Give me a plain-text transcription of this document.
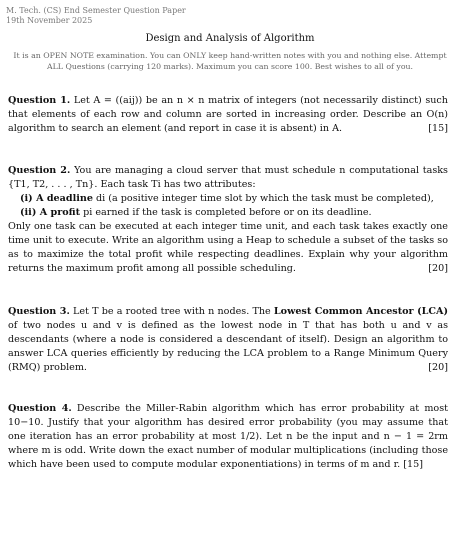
M. Tech. (CS) End Semester Question Paper
19th November 2025
Design and Analysis of Algorithm
It is an OPEN NOTE examination. You can ONLY keep hand-written notes with you and nothing else. Attempt ALL Questions (carrying 120 marks). Maximum you can score 100. Best wishes to all of you.
Question 1. Let A = ((aij)) be an n × n matrix of integers (not necessarily distinct) such that elements of each row and column are sorted in increasing order. Describe an O(n) algorithm to search an element (and report in case it is absent) in A.	[15]
Question 2. You are managing a cloud server that must schedule n computational tasks {T1, T2, . . . , Tn}. Each task Ti has two attributes:
(i) A deadline di (a positive integer time slot by which the task must be completed),
(ii) A profit pi earned if the task is completed before or on its deadline.
Only one task can be executed at each integer time unit, and each task takes exactly one time unit to execute. Write an algorithm using a Heap to schedule a subset of the tasks so as to maximize the total profit while respecting deadlines. Explain why your algorithm returns the maximum profit among all possible scheduling.	[20]
Question 3. Let T be a rooted tree with n nodes. The Lowest Common Ancestor (LCA) of two nodes u and v is defined as the lowest node in T that has both u and v as descendants (where a node is considered a descendant of itself). Design an algorithm to answer LCA queries efficiently by reducing the LCA problem to a Range Minimum Query (RMQ) problem.	[20]
Question 4. Describe the Miller-Rabin algorithm which has error probability at most 10−10. Justify that your algorithm has desired error probability (you may assume that one iteration has an error probability at most 1/2). Let n be the input and n − 1 = 2rm where m is odd. Write down the exact number of modular multiplications (including those which have been used to compute modular exponentiations) in terms of m and r. [15]
